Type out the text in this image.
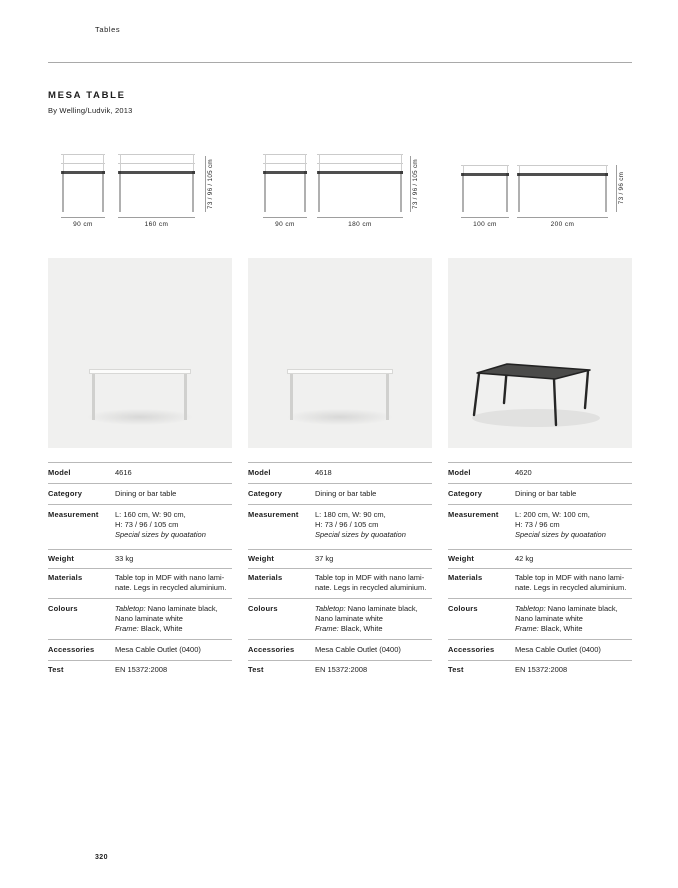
Tables
MESA TABLE
By Welling/Ludvik, 2013
90 cm	160 cm
73 / 96 / 105 cm
Model	4616
Category	Dining or bar table
Measurement	L: 160 cm, W: 90 cm,
H: 73 / 96 / 105 cm
Special sizes by quoatation
Weight	33 kg
Materials	Table top in MDF with nano lami-
nate. Legs in recycled aluminium.
Colours	Tabletop: Nano laminate black,
Nano laminate white
Frame: Black, White
Accessories	Mesa Cable Outlet (0400)
Test	EN 15372:2008
90 cm	180 cm
73 / 96 / 105 cm
Model	4618
Category	Dining or bar table
Measurement	L: 180 cm, W: 90 cm,
H: 73 / 96 / 105 cm
Special sizes by quoatation
Weight	37 kg
Materials	Table top in MDF with nano lami-
nate. Legs in recycled aluminium.
Colours	Tabletop: Nano laminate black,
Nano laminate white
Frame: Black, White
Accessories	Mesa Cable Outlet (0400)
Test	EN 15372:2008
100 cm	200 cm
73 / 96 cm
Model	4620
Category	Dining or bar table
Measurement	L: 200 cm, W: 100 cm,
H: 73 / 96 cm
Special sizes by quoatation
Weight	42 kg
Materials	Table top in MDF with nano lami-
nate. Legs in recycled aluminium.
Colours	Tabletop: Nano laminate black,
Nano laminate white
Frame: Black, White
Accessories	Mesa Cable Outlet (0400)
Test	EN 15372:2008
320
